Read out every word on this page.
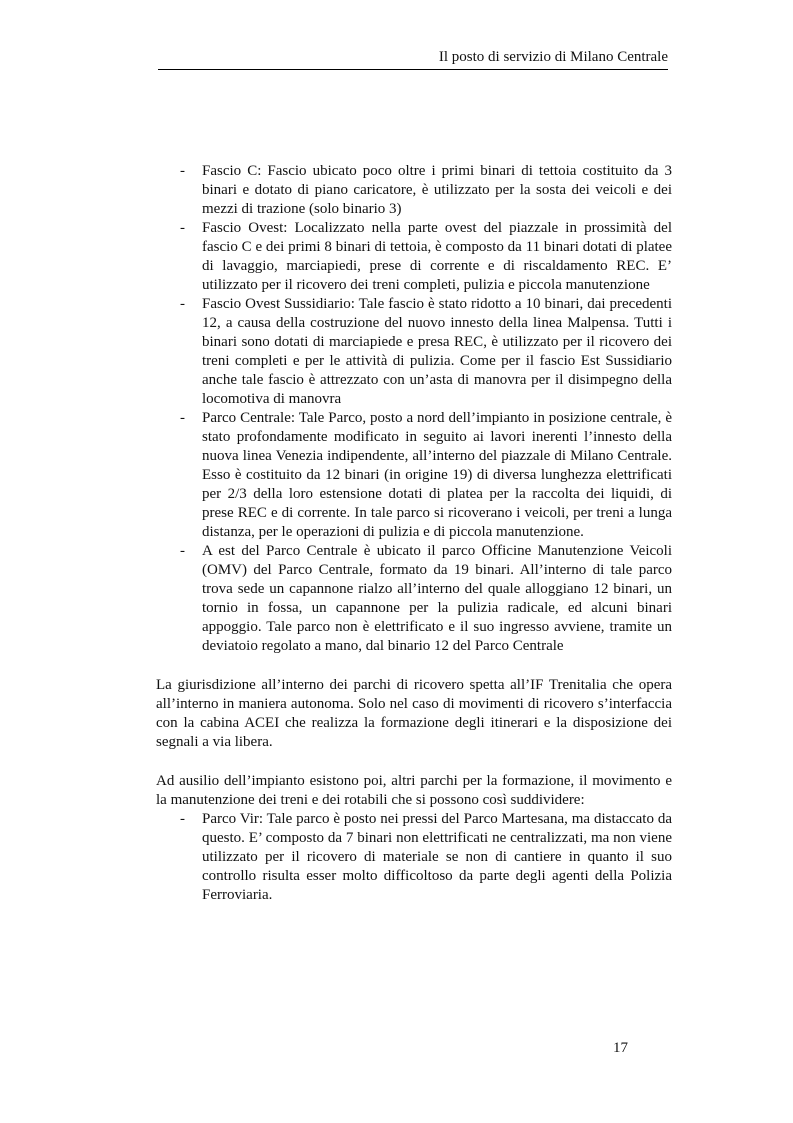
Il posto di servizio di Milano Centrale
- Fascio C: Fascio ubicato poco oltre i primi binari di tettoia costituito da 3 binari e dotato di piano caricatore, è utilizzato per la sosta dei veicoli e dei mezzi di trazione (solo binario 3)
- Fascio Ovest: Localizzato nella parte ovest del piazzale in prossimità del fascio C e dei primi 8 binari di tettoia, è composto da 11 binari dotati di platee di lavaggio, marciapiedi, prese di corrente e di riscaldamento REC. E’ utilizzato per il ricovero dei treni completi, pulizia e piccola manutenzione
- Fascio Ovest Sussidiario: Tale fascio è stato ridotto a 10 binari, dai precedenti 12, a causa della costruzione del nuovo innesto della linea Malpensa. Tutti i binari sono dotati di marciapiede e presa REC, è utilizzato per il ricovero dei treni completi e per le attività di pulizia. Come per il fascio Est Sussidiario anche tale fascio è attrezzato con un’asta di manovra per il disimpegno della locomotiva di manovra
- Parco Centrale: Tale Parco, posto a nord dell’impianto in posizione centrale, è stato profondamente modificato in seguito ai lavori inerenti l’innesto della nuova linea Venezia indipendente, all’interno del piazzale di Milano Centrale. Esso è costituito da 12 binari (in origine 19) di diversa lunghezza elettrificati per 2/3 della loro estensione dotati di platea per la raccolta dei liquidi, di prese REC e di corrente. In tale parco si ricoverano i veicoli, per treni a lunga distanza, per le operazioni di pulizia e di piccola manutenzione.
- A est del Parco Centrale è ubicato il parco Officine Manutenzione Veicoli (OMV) del Parco Centrale, formato da 19 binari. All’interno di tale parco trova sede un capannone rialzo all’interno del quale alloggiano 12 binari, un tornio in fossa, un capannone per la pulizia radicale, ed alcuni binari appoggio. Tale parco non è elettrificato e il suo ingresso avviene, tramite un deviatoio regolato a mano, dal binario 12 del Parco Centrale

La giurisdizione all’interno dei parchi di ricovero spetta all’IF Trenitalia che opera all’interno in maniera autonoma. Solo nel caso di movimenti di ricovero s’interfaccia con la cabina ACEI che realizza la formazione degli itinerari e la disposizione dei segnali a via libera.

Ad ausilio dell’impianto esistono poi, altri parchi per la formazione, il movimento e la manutenzione dei treni e dei rotabili che si possono così suddividere:

- Parco Vir: Tale parco è posto nei pressi del Parco Martesana, ma distaccato da questo. E’ composto da 7 binari non elettrificati ne centralizzati, ma non viene utilizzato per il ricovero di materiale se non di cantiere in quanto il suo controllo risulta esser molto difficoltoso da parte degli agenti della Polizia Ferroviaria.
17
